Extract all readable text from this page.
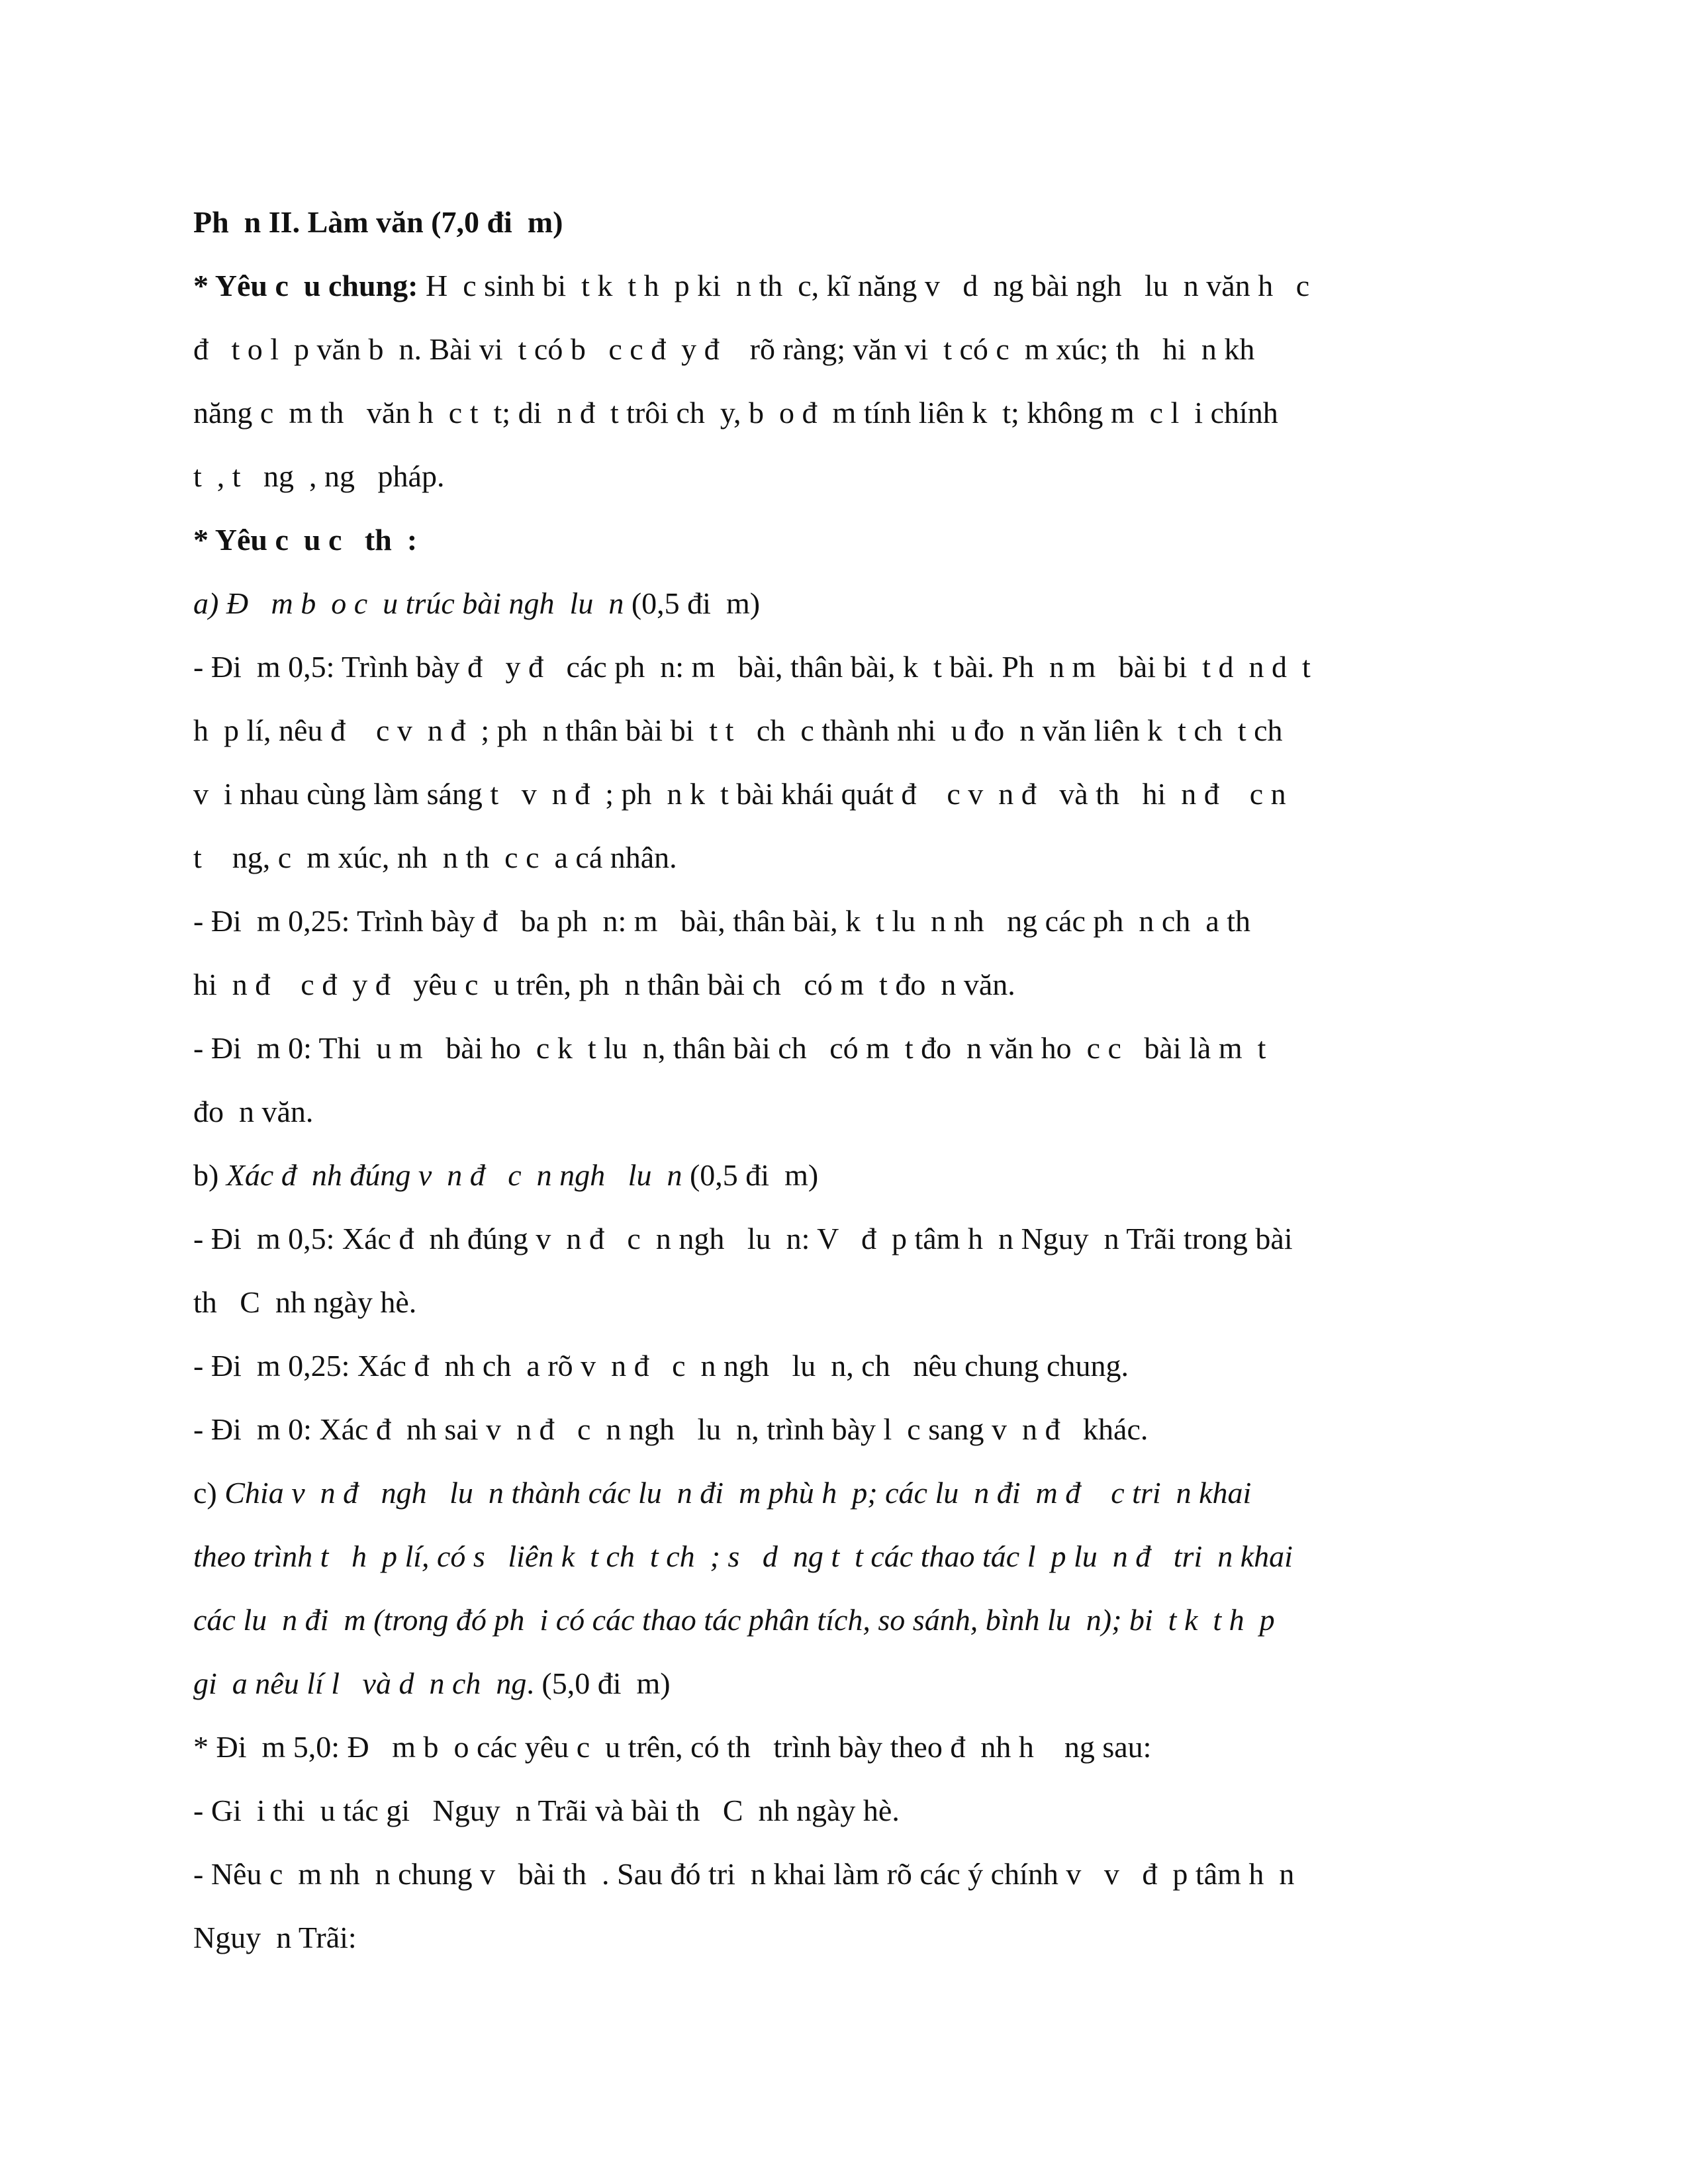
Ph  n II. Làm văn (7,0 đi  m)
* Yêu c  u chung: H  c sinh bi  t k  t h  p ki  n th  c, kĩ năng v   d  ng bài ngh   lu  n văn h   c
đ   t o l  p văn b  n. Bài vi  t có b   c c đ  y đ    rõ ràng; văn vi  t có c  m xúc; th   hi  n kh
năng c  m th   văn h  c t  t; di  n đ  t trôi ch  y, b  o đ  m tính liên k  t; không m  c l  i chính
t  , t   ng  , ng   pháp.
* Yêu c  u c   th  :
a) Đ   m b  o c  u trúc bài ngh  lu  n (0,5 đi  m)
- Đi  m 0,5: Trình bày đ   y đ   các ph  n: m   bài, thân bài, k  t bài. Ph  n m   bài bi  t d  n d  t
h  p lí, nêu đ    c v  n đ  ; ph  n thân bài bi  t t   ch  c thành nhi  u đo  n văn liên k  t ch  t ch
v  i nhau cùng làm sáng t   v  n đ  ; ph  n k  t bài khái quát đ    c v  n đ   và th   hi  n đ    c n
t    ng, c  m xúc, nh  n th  c c  a cá nhân.
- Đi  m 0,25: Trình bày đ   ba ph  n: m   bài, thân bài, k  t lu  n nh   ng các ph  n ch  a th
hi  n đ    c đ  y đ   yêu c  u trên, ph  n thân bài ch   có m  t đo  n văn.
- Đi  m 0: Thi  u m   bài ho  c k  t lu  n, thân bài ch   có m  t đo  n văn ho  c c   bài là m  t
đo  n văn.
b) Xác đ  nh đúng v  n đ   c  n ngh   lu  n (0,5 đi  m)
- Đi  m 0,5: Xác đ  nh đúng v  n đ   c  n ngh   lu  n: V   đ  p tâm h  n Nguy  n Trãi trong bài
th   C  nh ngày hè.
- Đi  m 0,25: Xác đ  nh ch  a rõ v  n đ   c  n ngh   lu  n, ch   nêu chung chung.
- Đi  m 0: Xác đ  nh sai v  n đ   c  n ngh   lu  n, trình bày l  c sang v  n đ   khác.
c) Chia v  n đ   ngh   lu  n thành các lu  n đi  m phù h  p; các lu  n đi  m đ    c tri  n khai
theo trình t   h  p lí, có s   liên k  t ch  t ch  ; s   d  ng t  t các thao tác l  p lu  n đ   tri  n khai
các lu  n đi  m (trong đó ph  i có các thao tác phân tích, so sánh, bình lu  n); bi  t k  t h  p
gi  a nêu lí l   và d  n ch  ng. (5,0 đi  m)
* Đi  m 5,0: Đ   m b  o các yêu c  u trên, có th   trình bày theo đ  nh h    ng sau:
- Gi  i thi  u tác gi   Nguy  n Trãi và bài th   C  nh ngày hè.
- Nêu c  m nh  n chung v   bài th  . Sau đó tri  n khai làm rõ các ý chính v   v   đ  p tâm h  n
Nguy  n Trãi:
